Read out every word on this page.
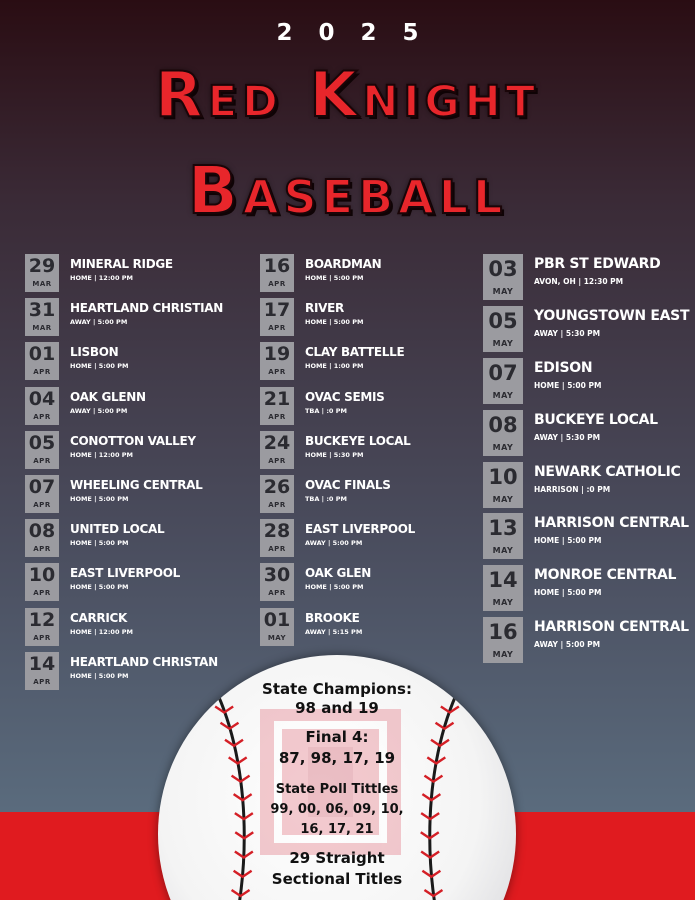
2025
Red Knight
Baseball
29
MAR
MINERAL RIDGE
HOME | 12:00 PM
31
MAR
HEARTLAND CHRISTIAN
AWAY | 5:00 PM
01
APR
LISBON
HOME | 5:00 PM
04
APR
OAK GLENN
AWAY | 5:00 PM
05
APR
CONOTTON VALLEY
HOME | 12:00 PM
07
APR
WHEELING CENTRAL
HOME | 5:00 PM
08
APR
UNITED LOCAL
HOME | 5:00 PM
10
APR
EAST LIVERPOOL
HOME | 5:00 PM
12
APR
CARRICK
HOME | 12:00 PM
14
APR
HEARTLAND CHRISTAN
HOME | 5:00 PM
16
APR
BOARDMAN
HOME | 5:00 PM
17
APR
RIVER
HOME | 5:00 PM
19
APR
CLAY BATTELLE
HOME | 1:00 PM
21
APR
OVAC SEMIS
TBA | :0 PM
24
APR
BUCKEYE LOCAL
HOME | 5:30 PM
26
APR
OVAC FINALS
TBA | :0 PM
28
APR
EAST LIVERPOOL
AWAY | 5:00 PM
30
APR
OAK GLEN
HOME | 5:00 PM
01
MAY
BROOKE
AWAY | 5:15 PM
03
MAY
PBR ST EDWARD
AVON, OH | 12:30 PM
05
MAY
YOUNGSTOWN EAST
AWAY | 5:30 PM
07
MAY
EDISON
HOME | 5:00 PM
08
MAY
BUCKEYE LOCAL
AWAY | 5:30 PM
10
MAY
NEWARK CATHOLIC
HARRISON | :0 PM
13
MAY
HARRISON CENTRAL
HOME | 5:00 PM
14
MAY
MONROE CENTRAL
HOME | 5:00 PM
16
MAY
HARRISON CENTRAL
AWAY | 5:00 PM
State Champions:
98 and 19
Final 4:
87, 98, 17, 19
State Poll Tittles
99, 00, 06, 09, 10,
16, 17, 21
29 Straight
Sectional Titles
